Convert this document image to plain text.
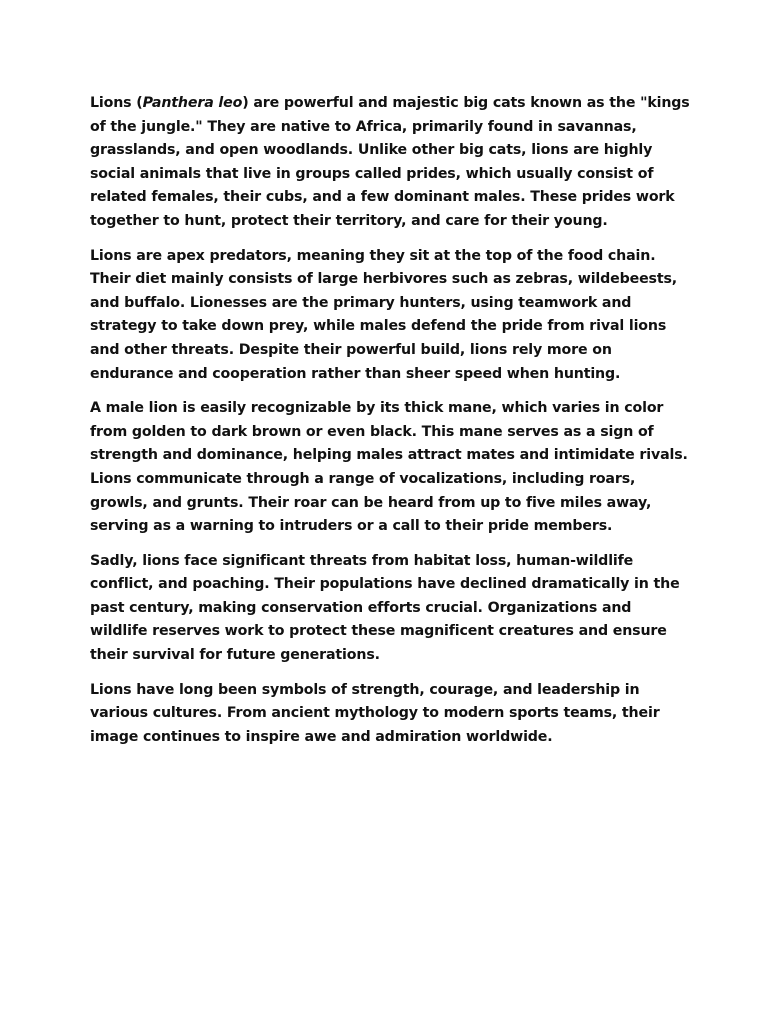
Lions (Panthera leo) are powerful and majestic big cats known as the "kings of the jungle." They are native to Africa, primarily found in savannas, grasslands, and open woodlands. Unlike other big cats, lions are highly social animals that live in groups called prides, which usually consist of related females, their cubs, and a few dominant males. These prides work together to hunt, protect their territory, and care for their young.

Lions are apex predators, meaning they sit at the top of the food chain. Their diet mainly consists of large herbivores such as zebras, wildebeests, and buffalo. Lionesses are the primary hunters, using teamwork and strategy to take down prey, while males defend the pride from rival lions and other threats. Despite their powerful build, lions rely more on endurance and cooperation rather than sheer speed when hunting.

A male lion is easily recognizable by its thick mane, which varies in color from golden to dark brown or even black. This mane serves as a sign of strength and dominance, helping males attract mates and intimidate rivals. Lions communicate through a range of vocalizations, including roars, growls, and grunts. Their roar can be heard from up to five miles away, serving as a warning to intruders or a call to their pride members.

Sadly, lions face significant threats from habitat loss, human-wildlife conflict, and poaching. Their populations have declined dramatically in the past century, making conservation efforts crucial. Organizations and wildlife reserves work to protect these magnificent creatures and ensure their survival for future generations.

Lions have long been symbols of strength, courage, and leadership in various cultures. From ancient mythology to modern sports teams, their image continues to inspire awe and admiration worldwide.
